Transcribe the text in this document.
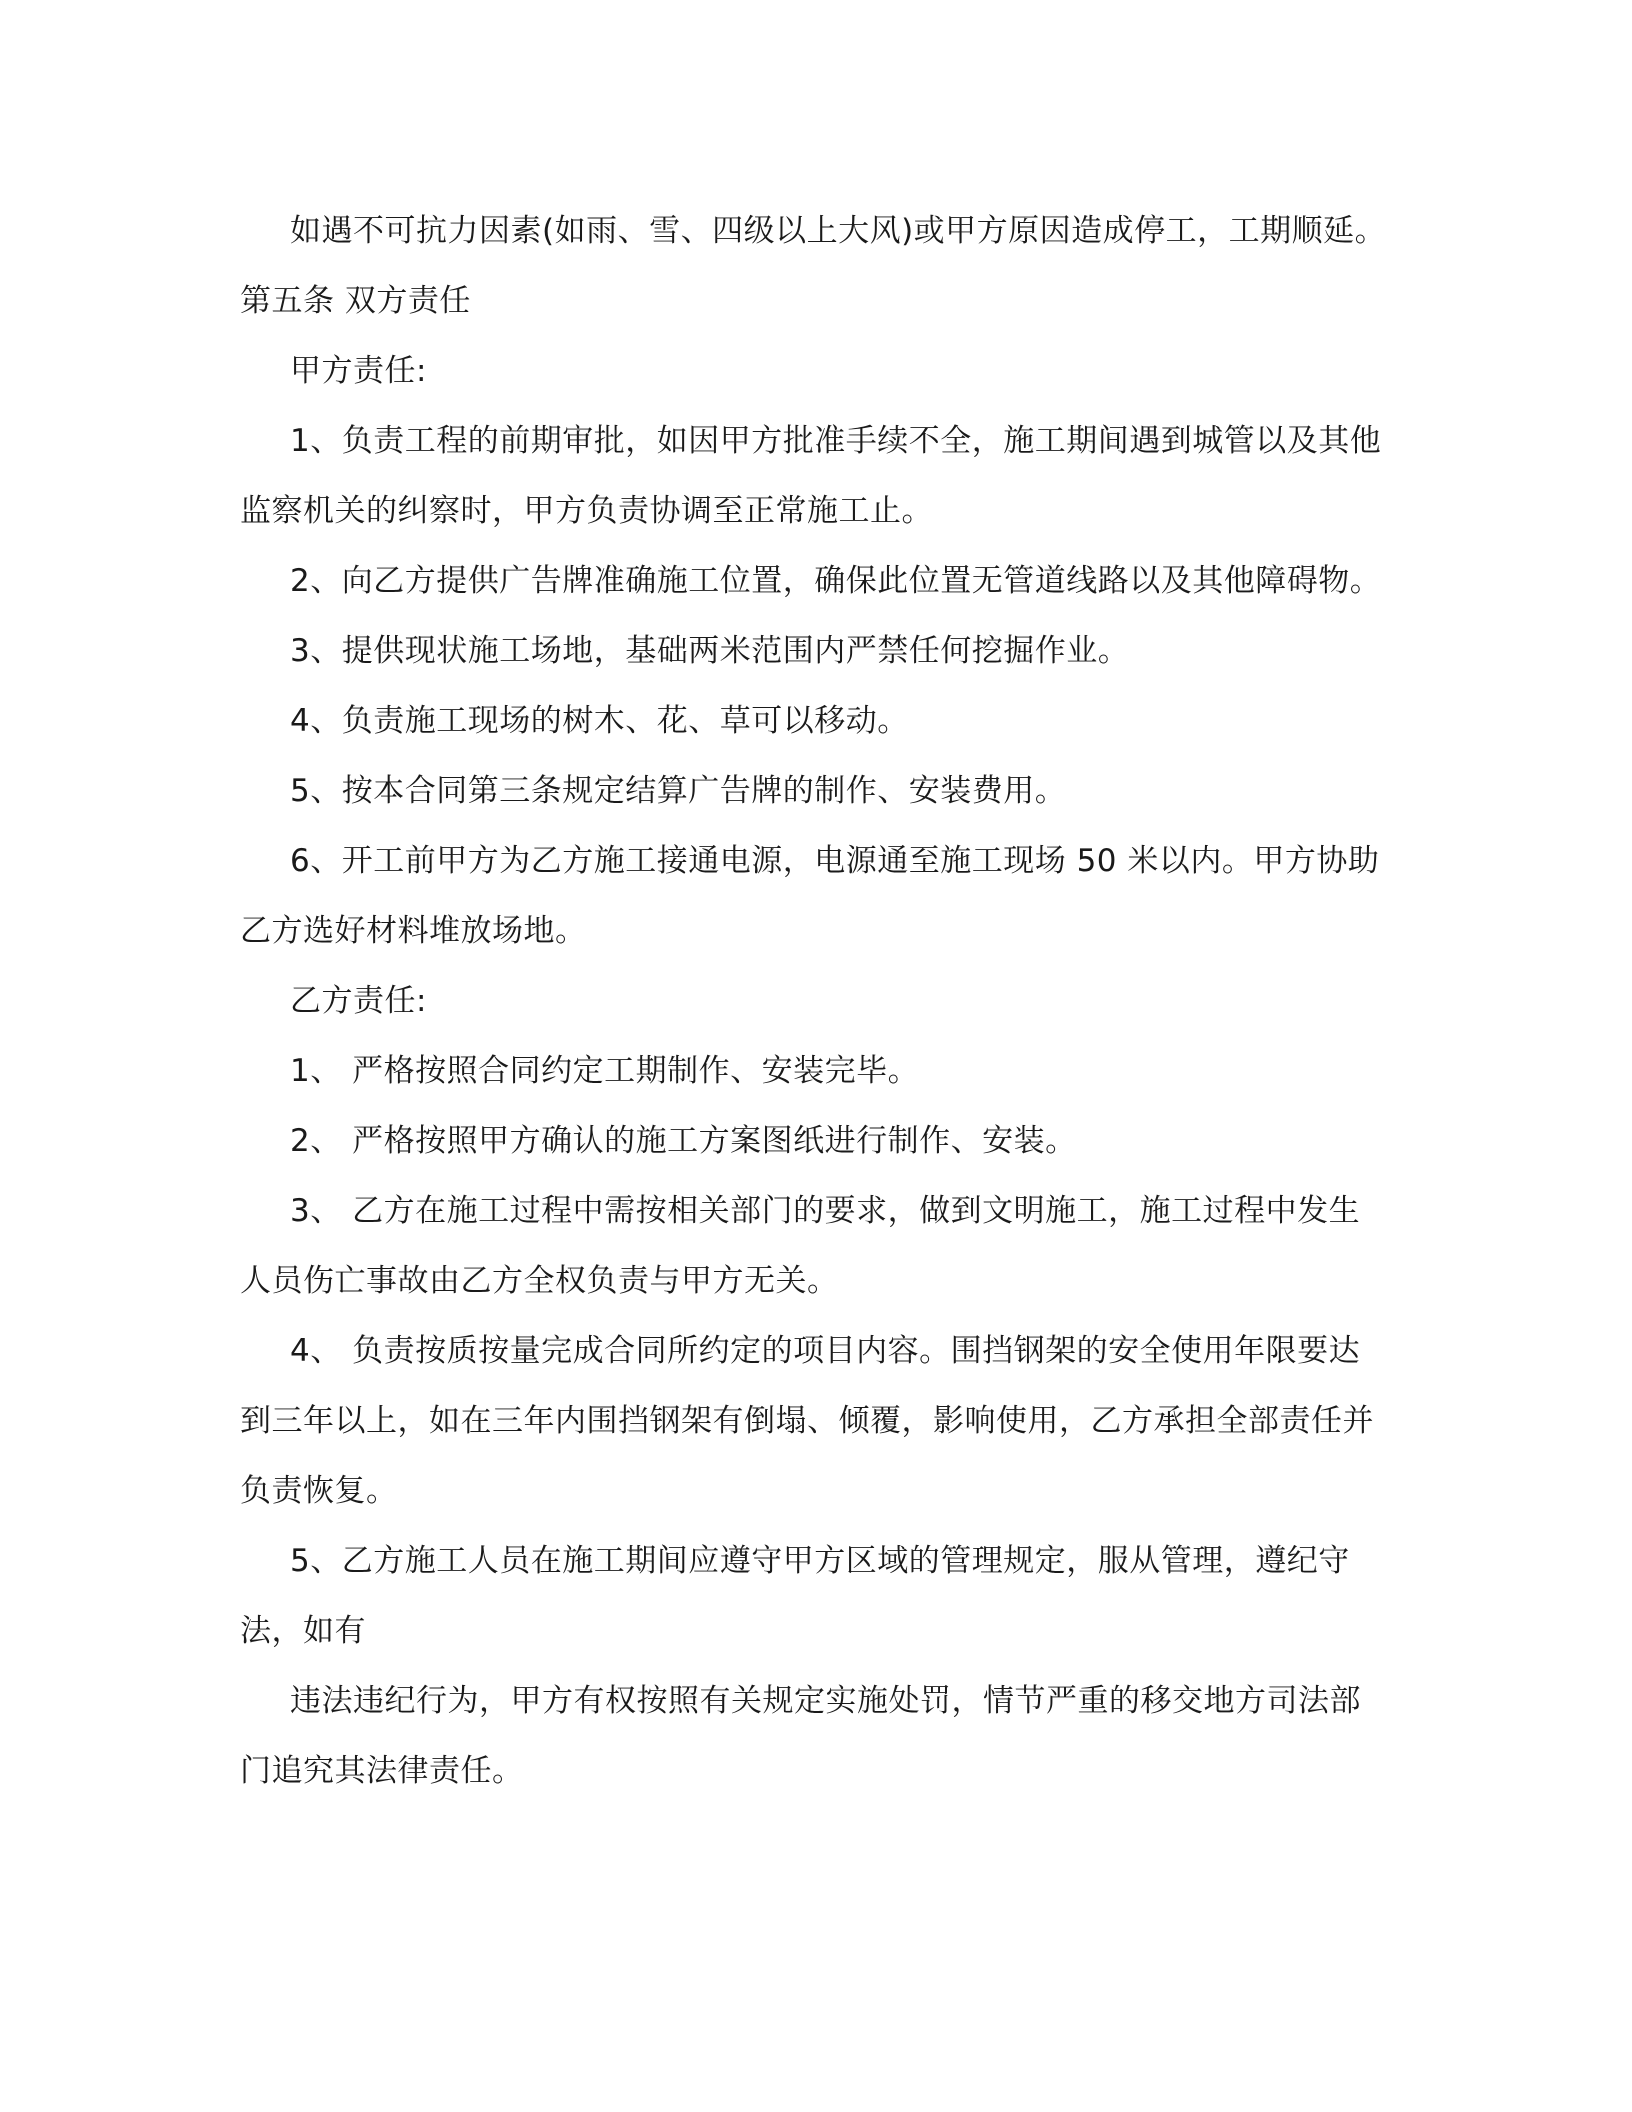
如遇不可抗力因素(如雨、雪、四级以上大风)或甲方原因造成停工，工期顺延。 第五条 双方责任

甲方责任:

1、负责工程的前期审批，如因甲方批准手续不全，施工期间遇到城管以及其他监察机关的纠察时，甲方负责协调至正常施工止。

2、向乙方提供广告牌准确施工位置，确保此位置无管道线路以及其他障碍物。

3、提供现状施工场地，基础两米范围内严禁任何挖掘作业。

4、负责施工现场的树木、花、草可以移动。

5、按本合同第三条规定结算广告牌的制作、安装费用。

6、开工前甲方为乙方施工接通电源，电源通至施工现场 50 米以内。甲方协助乙方选好材料堆放场地。

乙方责任:

1、 严格按照合同约定工期制作、安装完毕。

2、 严格按照甲方确认的施工方案图纸进行制作、安装。

3、 乙方在施工过程中需按相关部门的要求，做到文明施工，施工过程中发生人员伤亡事故由乙方全权负责与甲方无关。

4、 负责按质按量完成合同所约定的项目内容。围挡钢架的安全使用年限要达到三年以上，如在三年内围挡钢架有倒塌、倾覆，影响使用，乙方承担全部责任并负责恢复。

5、乙方施工人员在施工期间应遵守甲方区域的管理规定，服从管理，遵纪守法，如有

违法违纪行为，甲方有权按照有关规定实施处罚，情节严重的移交地方司法部门追究其法律责任。
